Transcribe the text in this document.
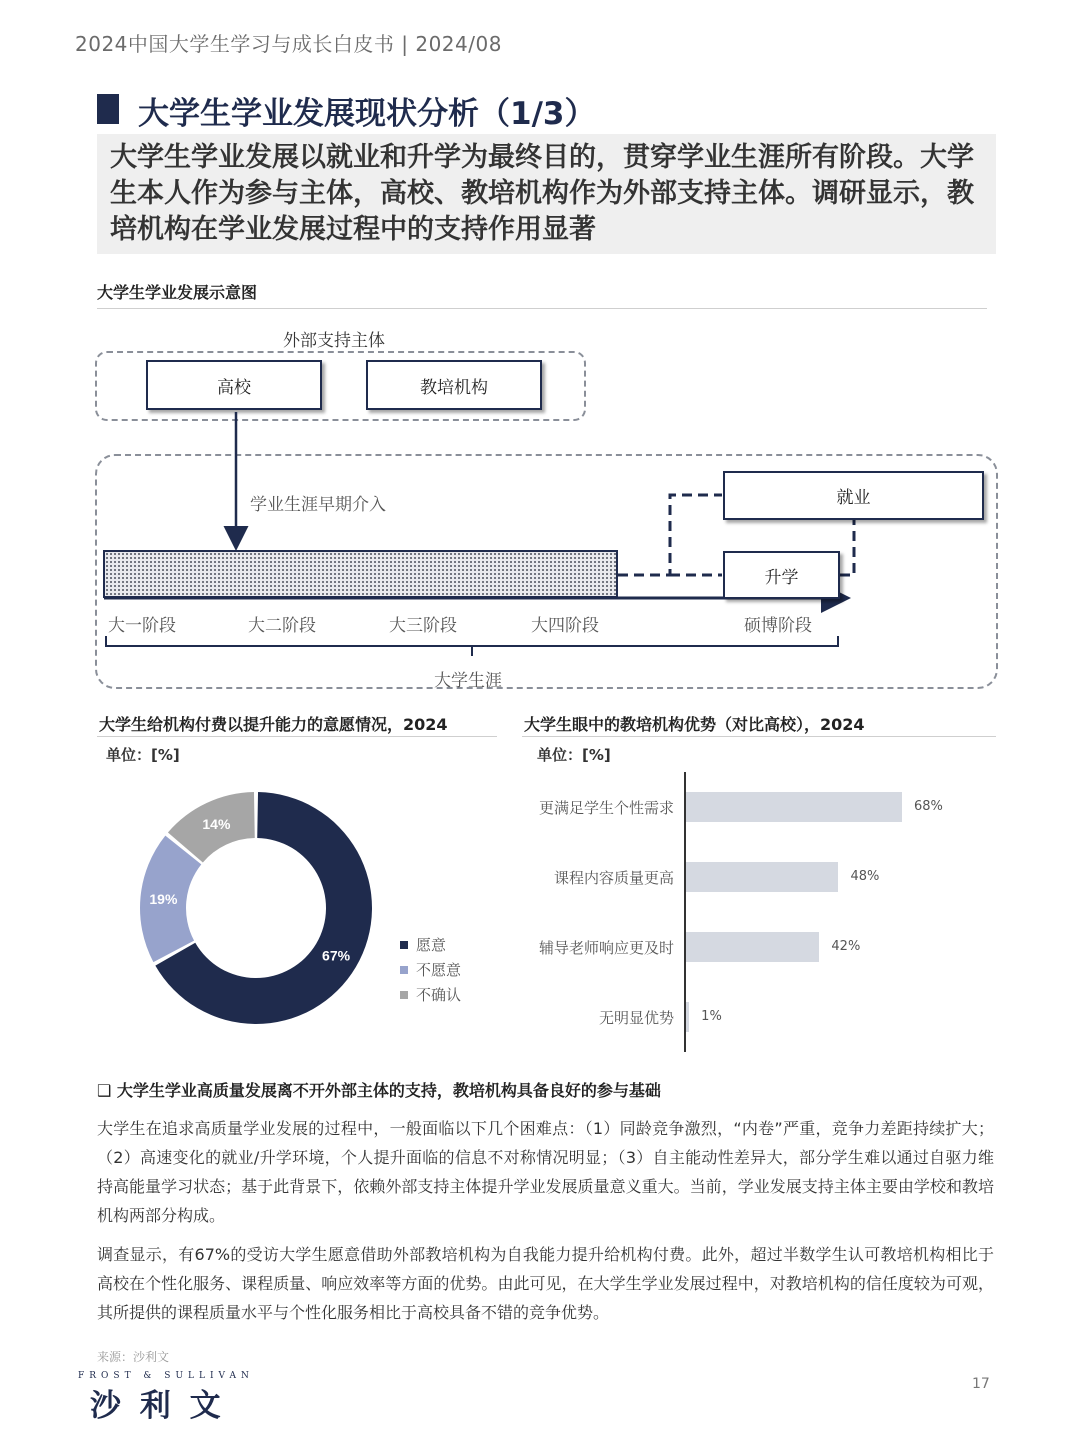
2024中国大学生学习与成长白皮书 | 2024/08
大学生学业发展现状分析（1/3）
大学生学业发展以就业和升学为最终目的，贯穿学业生涯所有阶段。大学生本人作为参与主体，高校、教培机构作为外部支持主体。调研显示，教培机构在学业发展过程中的支持作用显著
大学生学业发展示意图
外部支持主体
高校	教培机构
学业生涯早期介入	就业
升学
大一阶段	大二阶段	大三阶段	大四阶段	硕博阶段
大学生涯
大学生给机构付费以提升能力的意愿情况，2024
单位：[%]
67%
19%
14%
愿意
不愿意
不确认
大学生眼中的教培机构优势（对比高校），2024
单位：[%]
更满足学生个性需求	68%
课程内容质量更高	48%
辅导老师响应更及时	42%
无明显优势 1%
❑ 大学生学业高质量发展离不开外部主体的支持，教培机构具备良好的参与基础
大学生在追求高质量学业发展的过程中，一般面临以下几个困难点：（1）同龄竞争激烈，“内卷”严重，竞争力差距持续扩大；（2）高速变化的就业/升学环境，个人提升面临的信息不对称情况明显；（3）自主能动性差异大，部分学生难以通过自驱力维持高能量学习状态；基于此背景下，依赖外部支持主体提升学业发展质量意义重大。当前，学业发展支持主体主要由学校和教培机构两部分构成。
调查显示，有67%的受访大学生愿意借助外部教培机构为自我能力提升给机构付费。此外，超过半数学生认可教培机构相比于高校在个性化服务、课程质量、响应效率等方面的优势。由此可见，在大学生学业发展过程中，对教培机构的信任度较为可观，其所提供的课程质量水平与个性化服务相比于高校具备不错的竞争优势。
来源：沙利文
FROST & SULLIVAN
沙 利 文
17
